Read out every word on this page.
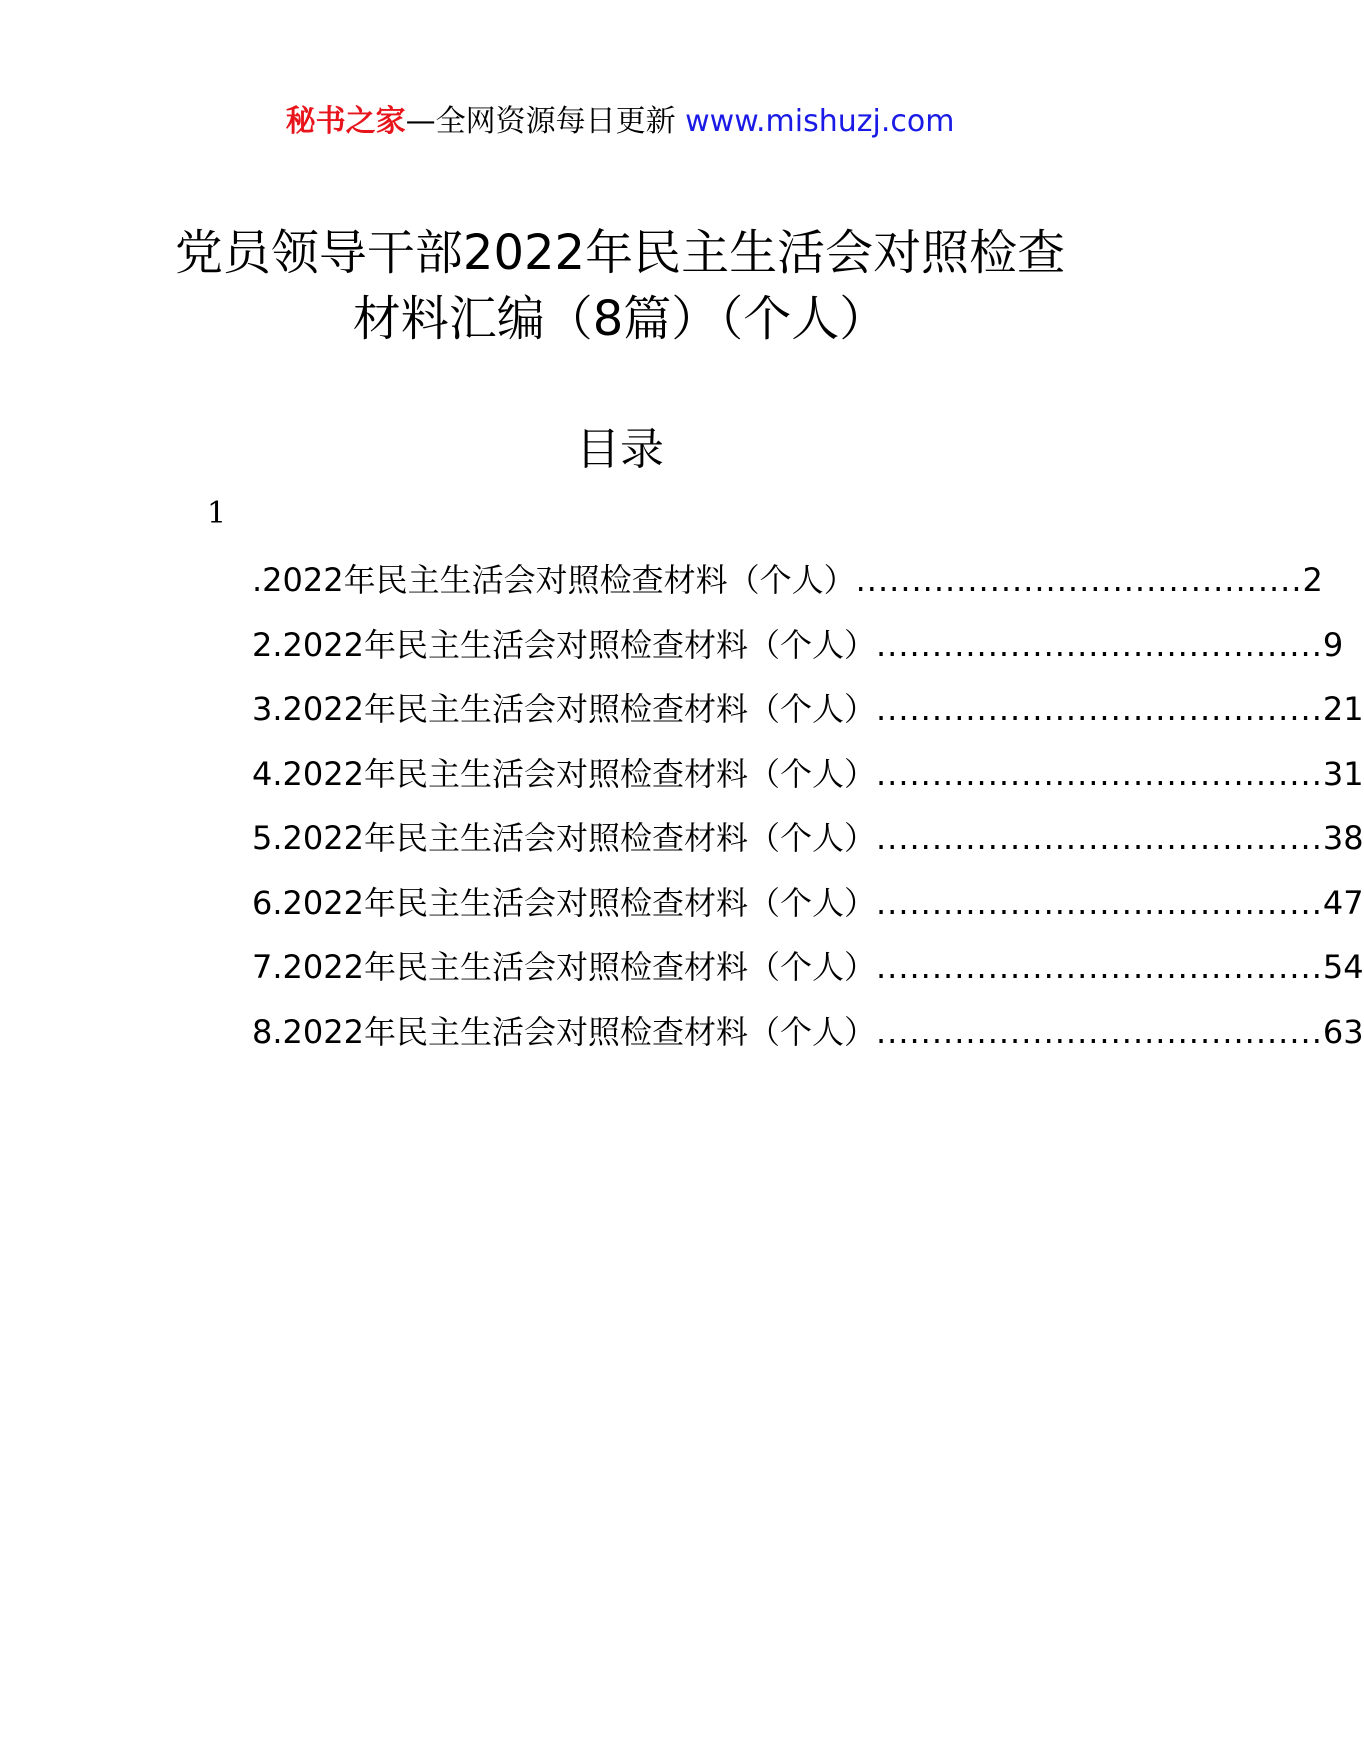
秘书之家—全网资源每日更新 www.mishuzj.com
党员领导干部2022年民主生活会对照检查
材料汇编（8篇）（个人）
目录
1
.2022年民主生活会对照检查材料（个人） ........................................ 2
2.2022年民主生活会对照检查材料（个人） ........................................ 9
3.2022年民主生活会对照检查材料（个人） ........................................ 21
4.2022年民主生活会对照检查材料（个人） ........................................ 31
5.2022年民主生活会对照检查材料（个人） ........................................ 38
6.2022年民主生活会对照检查材料（个人） ........................................ 47
7.2022年民主生活会对照检查材料（个人） ........................................ 54
8.2022年民主生活会对照检查材料（个人） ........................................ 63
